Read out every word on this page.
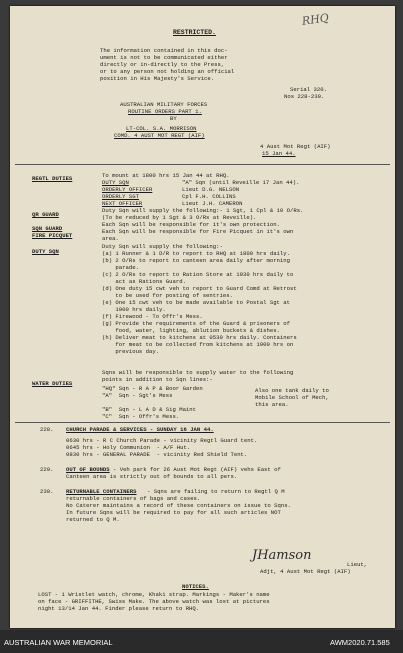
RHQ
RESTRICTED.
The information contained in this doc-
ument is not to be communicated either
directly or in-directly to the Press,
or to any person not holding an official
position in His Majesty's Service.
Serial 320.
Nos 228-230.
AUSTRALIAN MILITARY FORCES
ROUTINE ORDERS PART 1.
BY
LT-COL. S.A. MORRISON
COMD. 4 AUST MOT REGT (AIF)
4 Aust Mot Regt (AIF)
15 Jan 44.
REGTL DUTIES	To mount at 1800 hrs 15 Jan 44 at RHQ.
DUTY SQN	"A" Sqn (until Reveille 17 Jan 44).
ORDERLY OFFICER	Lieut D.G. NELSON
ORDERLY SGT	Cpl F.H. COLLINS
NEXT OFFICER	Lieut J.H. CAMERON
QR GUARD
Duty Sqn will supply the following:- 1 Sgt, 1 Cpl & 10 O/Rs.
(To be reduced by 1 Sgt & 3 O/Rs at Reveille).
SQN GUARD
Each Sqn will be responsible for it's own protection.
FIRE PICQUET
Each Sqn will be responsible for Fire Picquet in it's own
area.
DUTY SQN
Duty Sqn will supply the following:-
(a) 1 Runner & 1 D/R to report to RHQ at 1800 hrs daily.
(b) 2 O/Rs to report to canteen area daily after morning
parade.
(c) 2 O/Rs to report to Ration Store at 1930 hrs daily to
act as Rations Guard.
(d) One duty 15 cwt veh to report to Guard Comd at Retrost
to be used for posting of sentries.
(e) One 15 cwt veh to be made available to Postal Sgt at
1900 hrs daily.
(f) Firewood - To Offr's Mess.
(g) Provide the requirements of the Guard & prisoners of
food, water, lighting, ablution buckets & dishes.
(h) Deliver meat to kitchens at 0530 hrs daily. Containers
for meat to be collected from kitchens at 1900 hrs on
previous day.
WATER DUTIES
Sqns will be responsible to supply water to the following
points in addition to Sqn lines:-
"HQ" Sqn - R A P & Boor Garden
"A"  Sqn - Sgt's Mess
"B"  Sqn - L A D & Sig Maint
"C"  Sqn - Offr's Mess.
Also one tank daily to
Mobile School of Mech,
this area.
228. CHURCH PARADE & SERVICES - SUNDAY 16 JAN 44.
0630 hrs - R C Church Parade - vicinity Regtl Guard tent.
0645 hrs - Holy Communion  - A/F Hut.
0830 hrs - GENERAL PARADE  - vicinity Red Shield Tent.
229. OUT OF BOUNDS - Veh park for 26 Aust Mot Regt (AIF) vehs East of
Canteen area is strictly out of bounds to all pers.
230. RETURNABLE CONTAINERS - Sqns are failing to return to Regtl Q M
returnable containers of bags and cases.
No Caterer maintains a record of these containers on issue to Sqns.
In future Sqns will be required to pay for all such articles NOT
returned to Q M.
JHamson
Lieut,
Adjt, 4 Aust Mot Regt (AIF)
NOTICES.
LOST - 1 Wristlet watch, chrome, Khaki strap. Markings - Maker's name
on face - GRIFFITHE, Swiss Make. The above watch was lost at pictures
night 13/14 Jan 44. Finder please return to RHQ.
AUSTRALIAN WAR MEMORIAL	AWM2020.71.585
